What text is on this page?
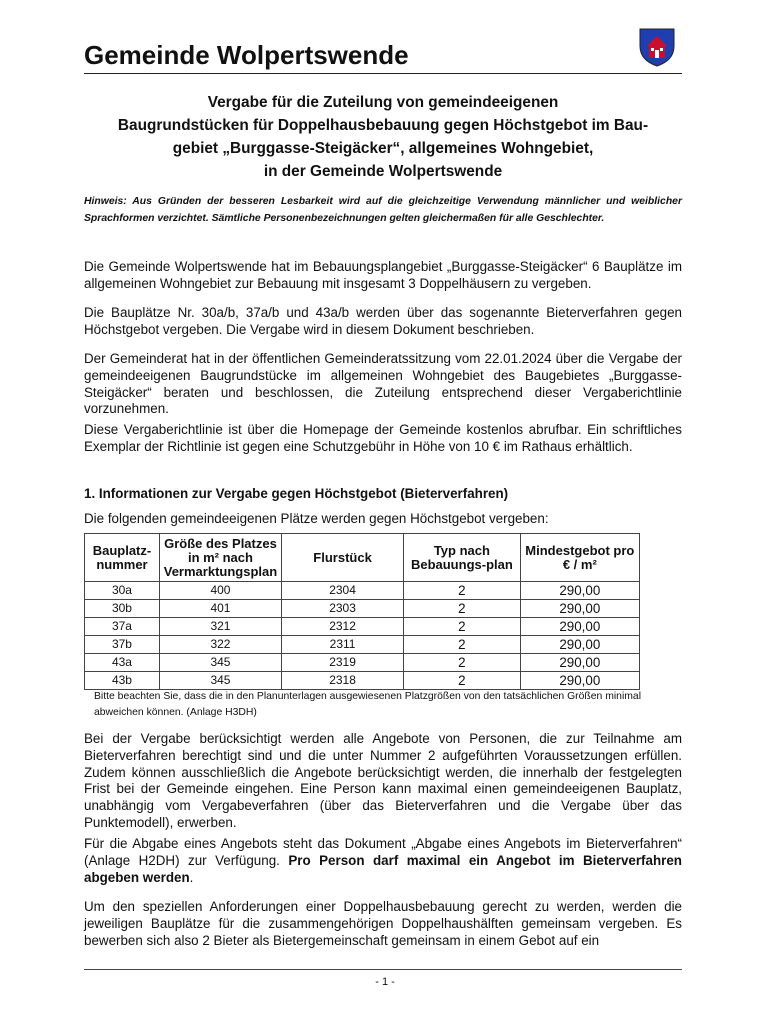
Gemeinde Wolpertswende
Vergabe für die Zuteilung von gemeindeeigenen
Baugrundstücken für Doppelhausbebauung gegen Höchstgebot im Bau-
gebiet „Burggasse-Steigäcker“, allgemeines Wohngebiet,
in der Gemeinde Wolpertswende

Hinweis: Aus Gründen der besseren Lesbarkeit wird auf die gleichzeitige Verwendung männlicher und weiblicher Sprachformen verzichtet. Sämtliche Personenbezeichnungen gelten gleichermaßen für alle Geschlechter.

Die Gemeinde Wolpertswende hat im Bebauungsplangebiet „Burggasse-Steigäcker“ 6 Bauplätze im allgemeinen Wohngebiet zur Bebauung mit insgesamt 3 Doppelhäusern zu vergeben.

Die Bauplätze Nr. 30a/b, 37a/b und 43a/b werden über das sogenannte Bieterverfahren gegen Höchstgebot vergeben. Die Vergabe wird in diesem Dokument beschrieben.

Der Gemeinderat hat in der öffentlichen Gemeinderatssitzung vom 22.01.2024 über die Vergabe der gemeindeeigenen Baugrundstücke im allgemeinen Wohngebiet des Baugebietes „Burggasse-Steigäcker“ beraten und beschlossen, die Zuteilung entsprechend dieser Vergaberichtlinie vorzunehmen.

Diese Vergaberichtlinie ist über die Homepage der Gemeinde kostenlos abrufbar. Ein schriftliches Exemplar der Richtlinie ist gegen eine Schutzgebühr in Höhe von 10 € im Rathaus erhältlich.

1. Informationen zur Vergabe gegen Höchstgebot (Bieterverfahren)

Die folgenden gemeindeeigenen Plätze werden gegen Höchstgebot vergeben:

Bauplatz-nummer	Größe des Platzes in m² nach Vermarktungsplan	Flurstück	Typ nach Bebauungs-plan	Mindestgebot pro € / m²
30a	400	2304	2	290,00
30b	401	2303	2	290,00
37a	321	2312	2	290,00
37b	322	2311	2	290,00
43a	345	2319	2	290,00
43b	345	2318	2	290,00

Bitte beachten Sie, dass die in den Planunterlagen ausgewiesenen Platzgrößen von den tatsächlichen Größen minimal abweichen können. (Anlage H3DH)

Bei der Vergabe berücksichtigt werden alle Angebote von Personen, die zur Teilnahme am Bieterverfahren berechtigt sind und die unter Nummer 2 aufgeführten Voraussetzungen erfüllen. Zudem können ausschließlich die Angebote berücksichtigt werden, die innerhalb der festgelegten Frist bei der Gemeinde eingehen. Eine Person kann maximal einen gemeindeeigenen Bauplatz, unabhängig vom Vergabeverfahren (über das Bieterverfahren und die Vergabe über das Punktemodell), erwerben.

Für die Abgabe eines Angebots steht das Dokument „Abgabe eines Angebots im Bieterverfahren“ (Anlage H2DH) zur Verfügung. Pro Person darf maximal ein Angebot im Bieterverfahren abgeben werden.

Um den speziellen Anforderungen einer Doppelhausbebauung gerecht zu werden, werden die jeweiligen Bauplätze für die zusammengehörigen Doppelhaushälften gemeinsam vergeben. Es bewerben sich also 2 Bieter als Bietergemeinschaft gemeinsam in einem Gebot auf ein

- 1 -
